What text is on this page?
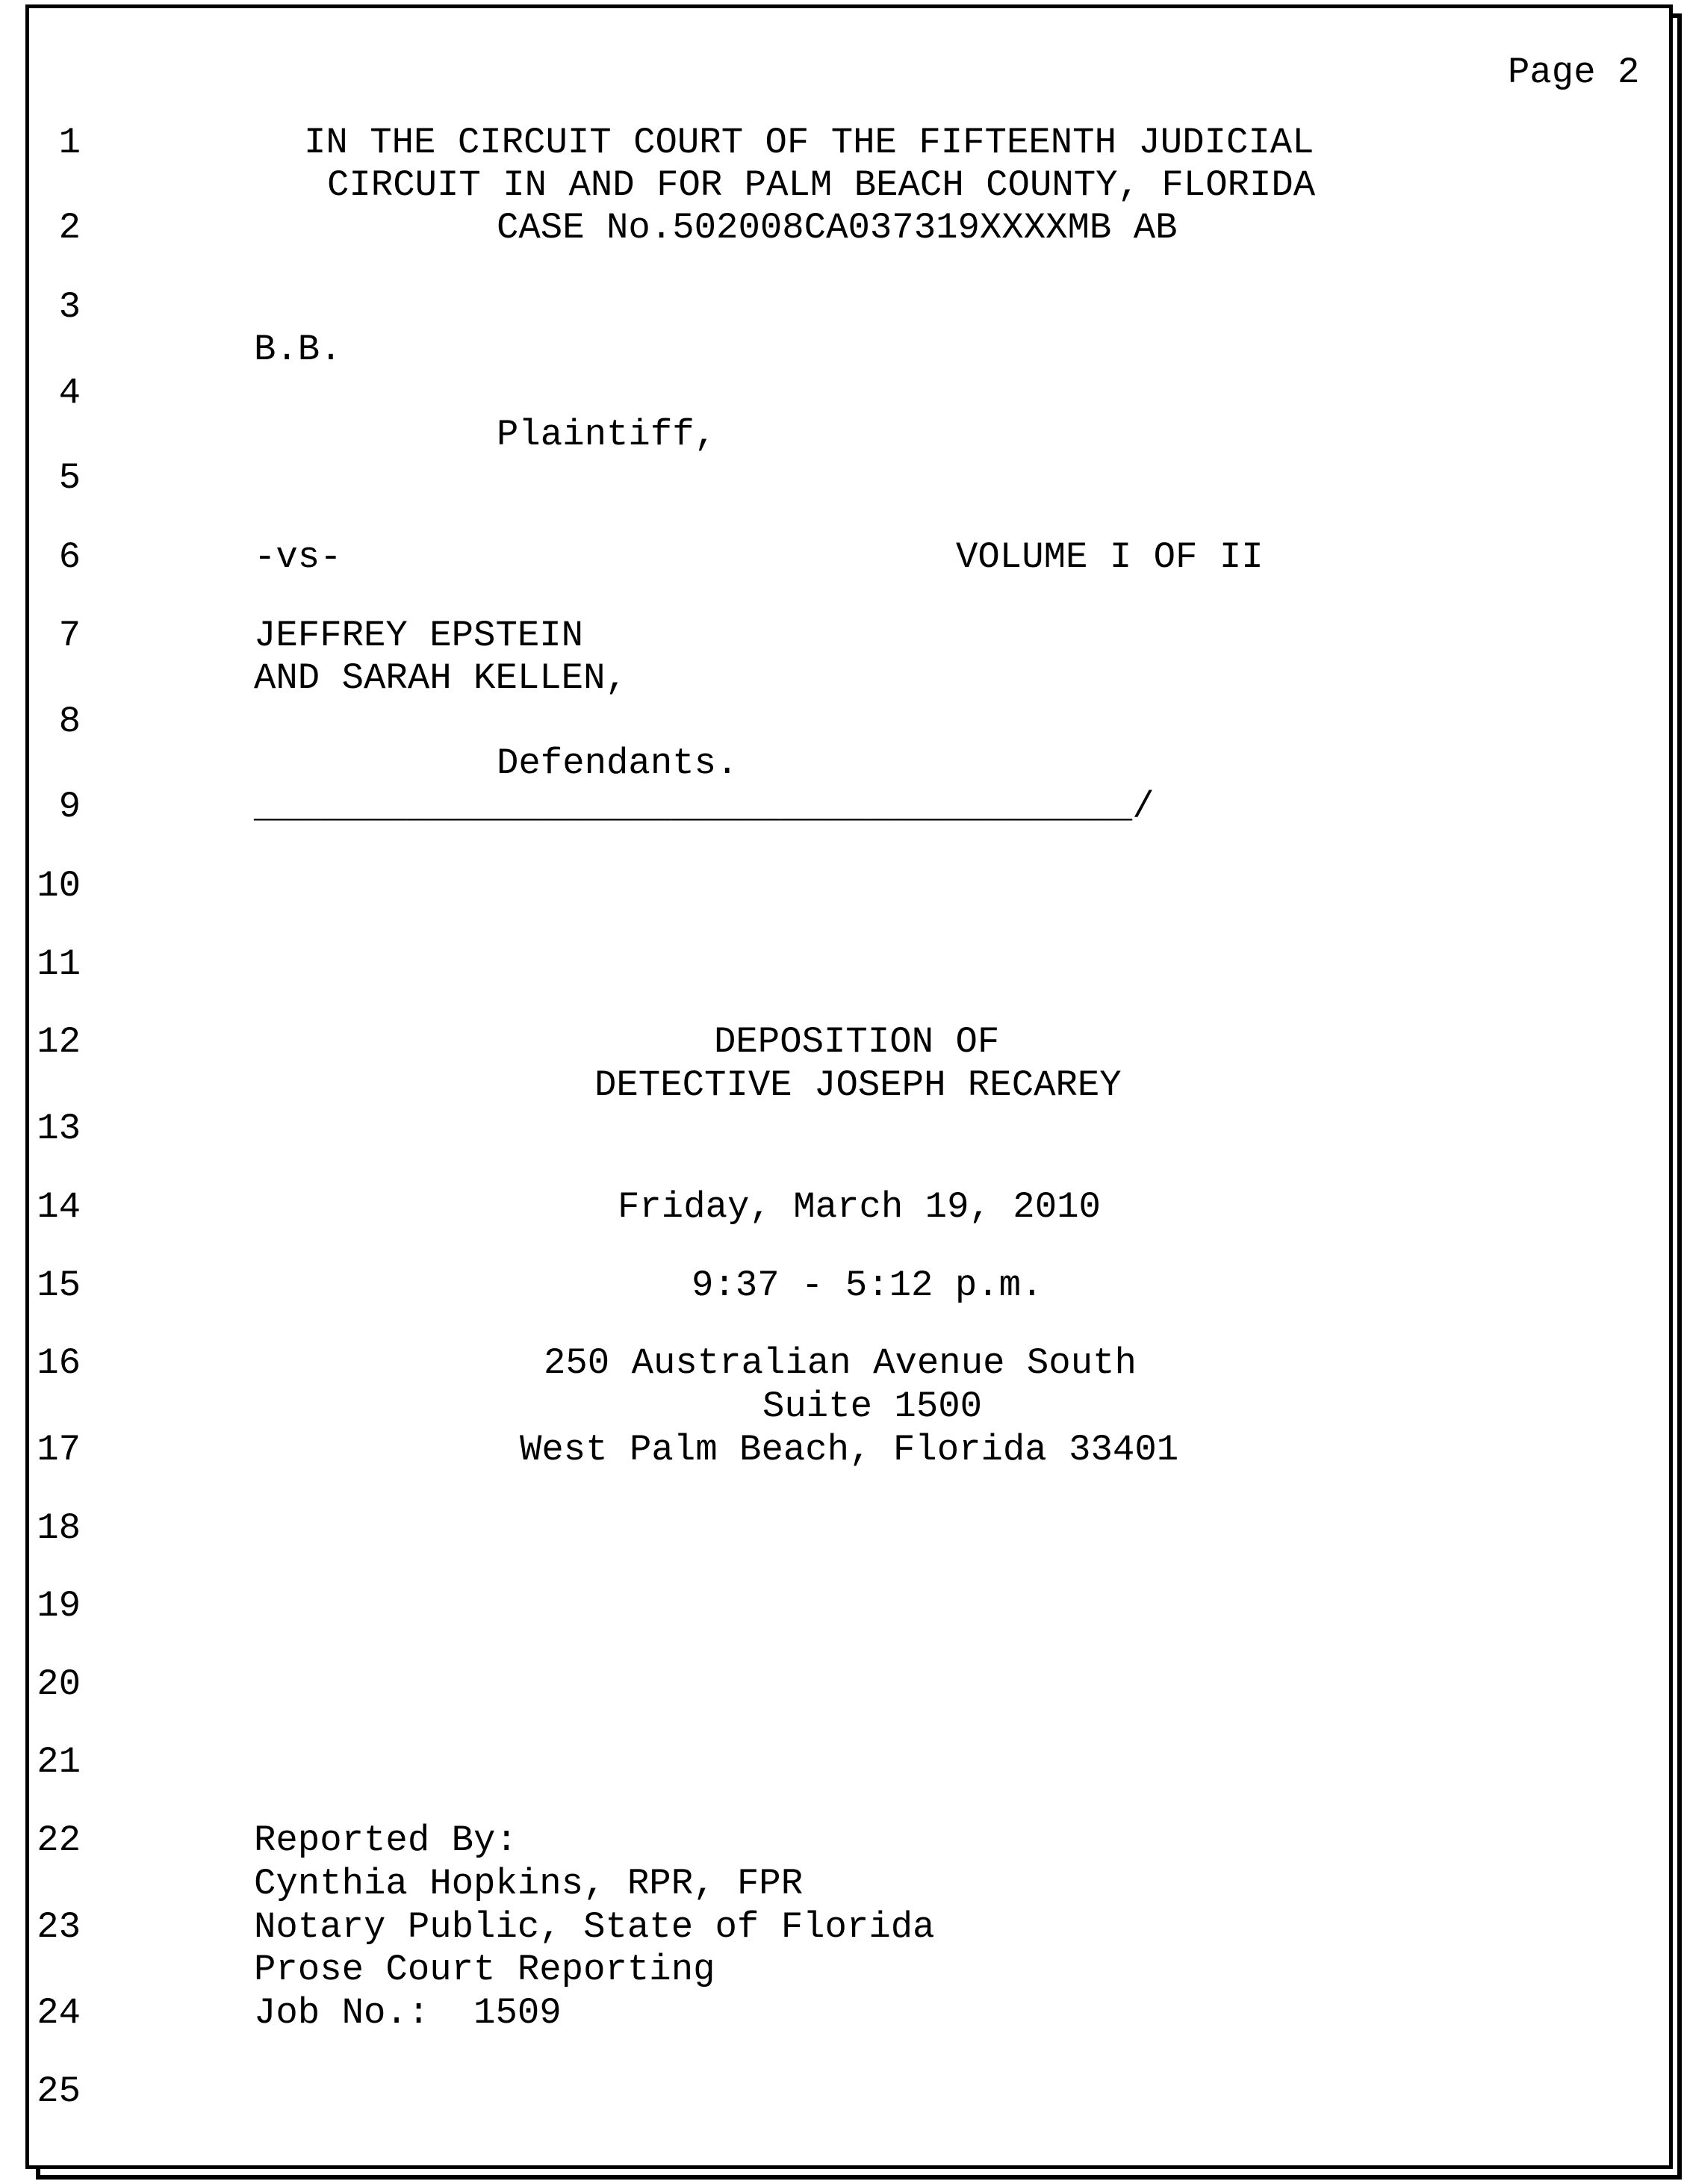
Page 2
1
2
3
4
5
6
7
8
9
10
11
12
13
14
15
16
17
18
19
20
21
22
23
24
25
IN THE CIRCUIT COURT OF THE FIFTEENTH JUDICIAL
CIRCUIT IN AND FOR PALM BEACH COUNTY, FLORIDA
CASE No.502008CA037319XXXXMB AB
B.B.
Plaintiff,
-vs-	VOLUME I OF II
JEFFREY EPSTEIN
AND SARAH KELLEN,
Defendants.
________________________________________/
DEPOSITION OF
DETECTIVE JOSEPH RECAREY
Friday, March 19, 2010
9:37 - 5:12 p.m.
250 Australian Avenue South
Suite 1500
West Palm Beach, Florida 33401
Reported By:
Cynthia Hopkins, RPR, FPR
Notary Public, State of Florida
Prose Court Reporting
Job No.:  1509
